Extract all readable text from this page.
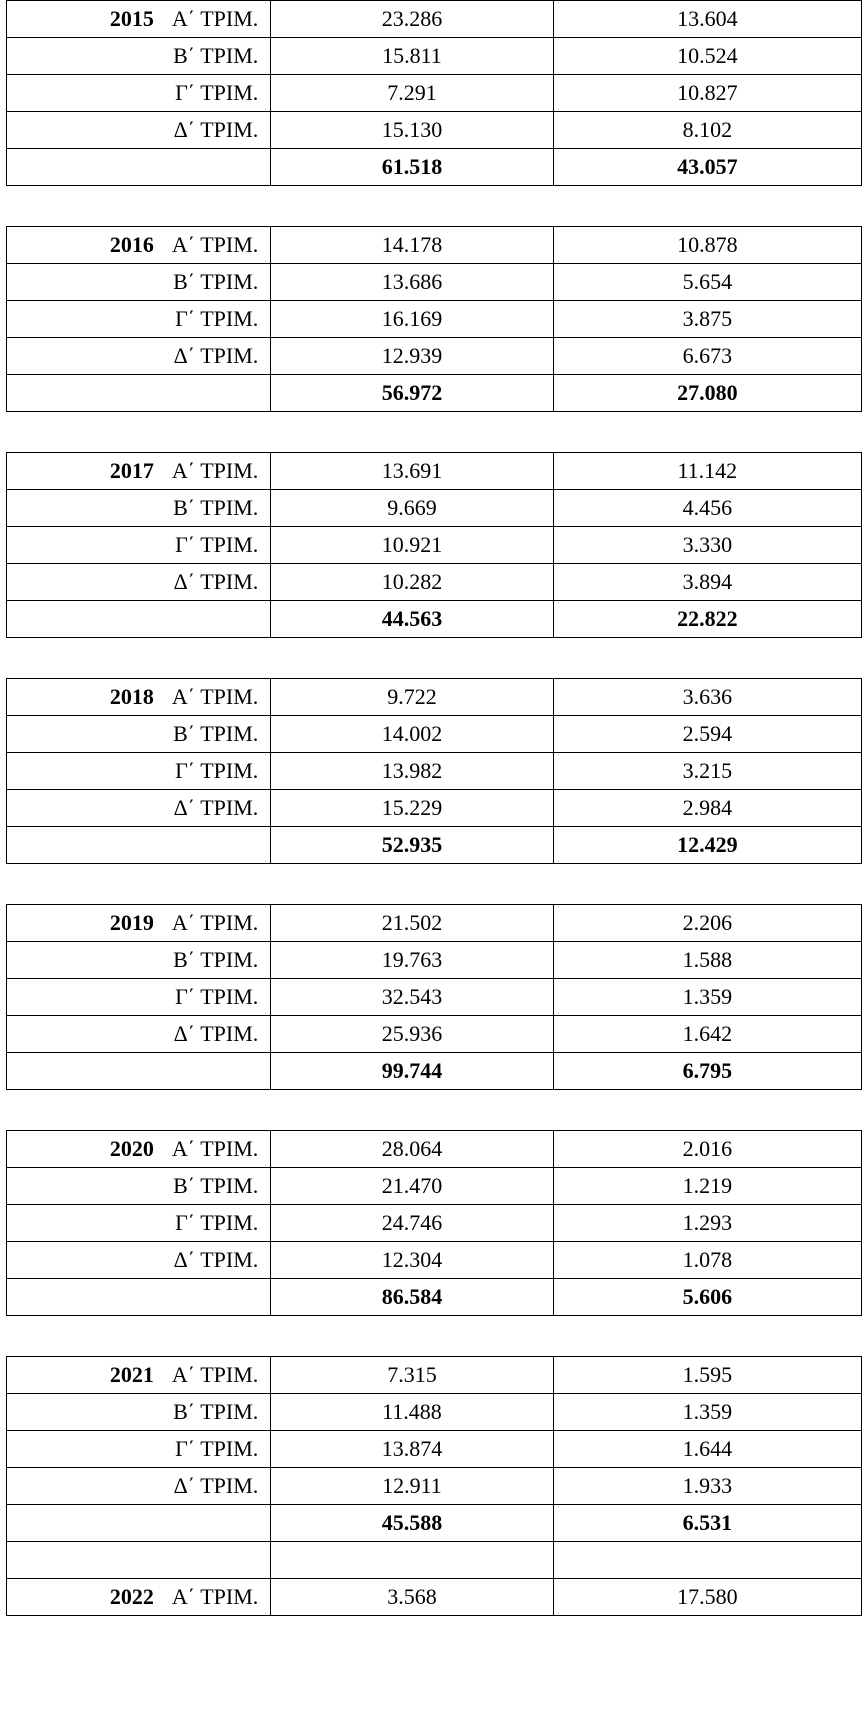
2015 Α΄ ΤΡΙΜ.	23.286	13.604
Β΄ ΤΡΙΜ.	15.811	10.524
Γ΄ ΤΡΙΜ.	7.291	10.827
Δ΄ ΤΡΙΜ.	15.130	8.102
	61.518	43.057
2016 Α΄ ΤΡΙΜ.	14.178	10.878
Β΄ ΤΡΙΜ.	13.686	5.654
Γ΄ ΤΡΙΜ.	16.169	3.875
Δ΄ ΤΡΙΜ.	12.939	6.673
	56.972	27.080
2017 Α΄ ΤΡΙΜ.	13.691	11.142
Β΄ ΤΡΙΜ.	9.669	4.456
Γ΄ ΤΡΙΜ.	10.921	3.330
Δ΄ ΤΡΙΜ.	10.282	3.894
	44.563	22.822
2018 Α΄ ΤΡΙΜ.	9.722	3.636
Β΄ ΤΡΙΜ.	14.002	2.594
Γ΄ ΤΡΙΜ.	13.982	3.215
Δ΄ ΤΡΙΜ.	15.229	2.984
	52.935	12.429
2019 Α΄ ΤΡΙΜ.	21.502	2.206
Β΄ ΤΡΙΜ.	19.763	1.588
Γ΄ ΤΡΙΜ.	32.543	1.359
Δ΄ ΤΡΙΜ.	25.936	1.642
	99.744	6.795
2020 Α΄ ΤΡΙΜ.	28.064	2.016
Β΄ ΤΡΙΜ.	21.470	1.219
Γ΄ ΤΡΙΜ.	24.746	1.293
Δ΄ ΤΡΙΜ.	12.304	1.078
	86.584	5.606
2021 Α΄ ΤΡΙΜ.	7.315	1.595
Β΄ ΤΡΙΜ.	11.488	1.359
Γ΄ ΤΡΙΜ.	13.874	1.644
Δ΄ ΤΡΙΜ.	12.911	1.933
	45.588	6.531

2022 Α΄ ΤΡΙΜ.	3.568	17.580
